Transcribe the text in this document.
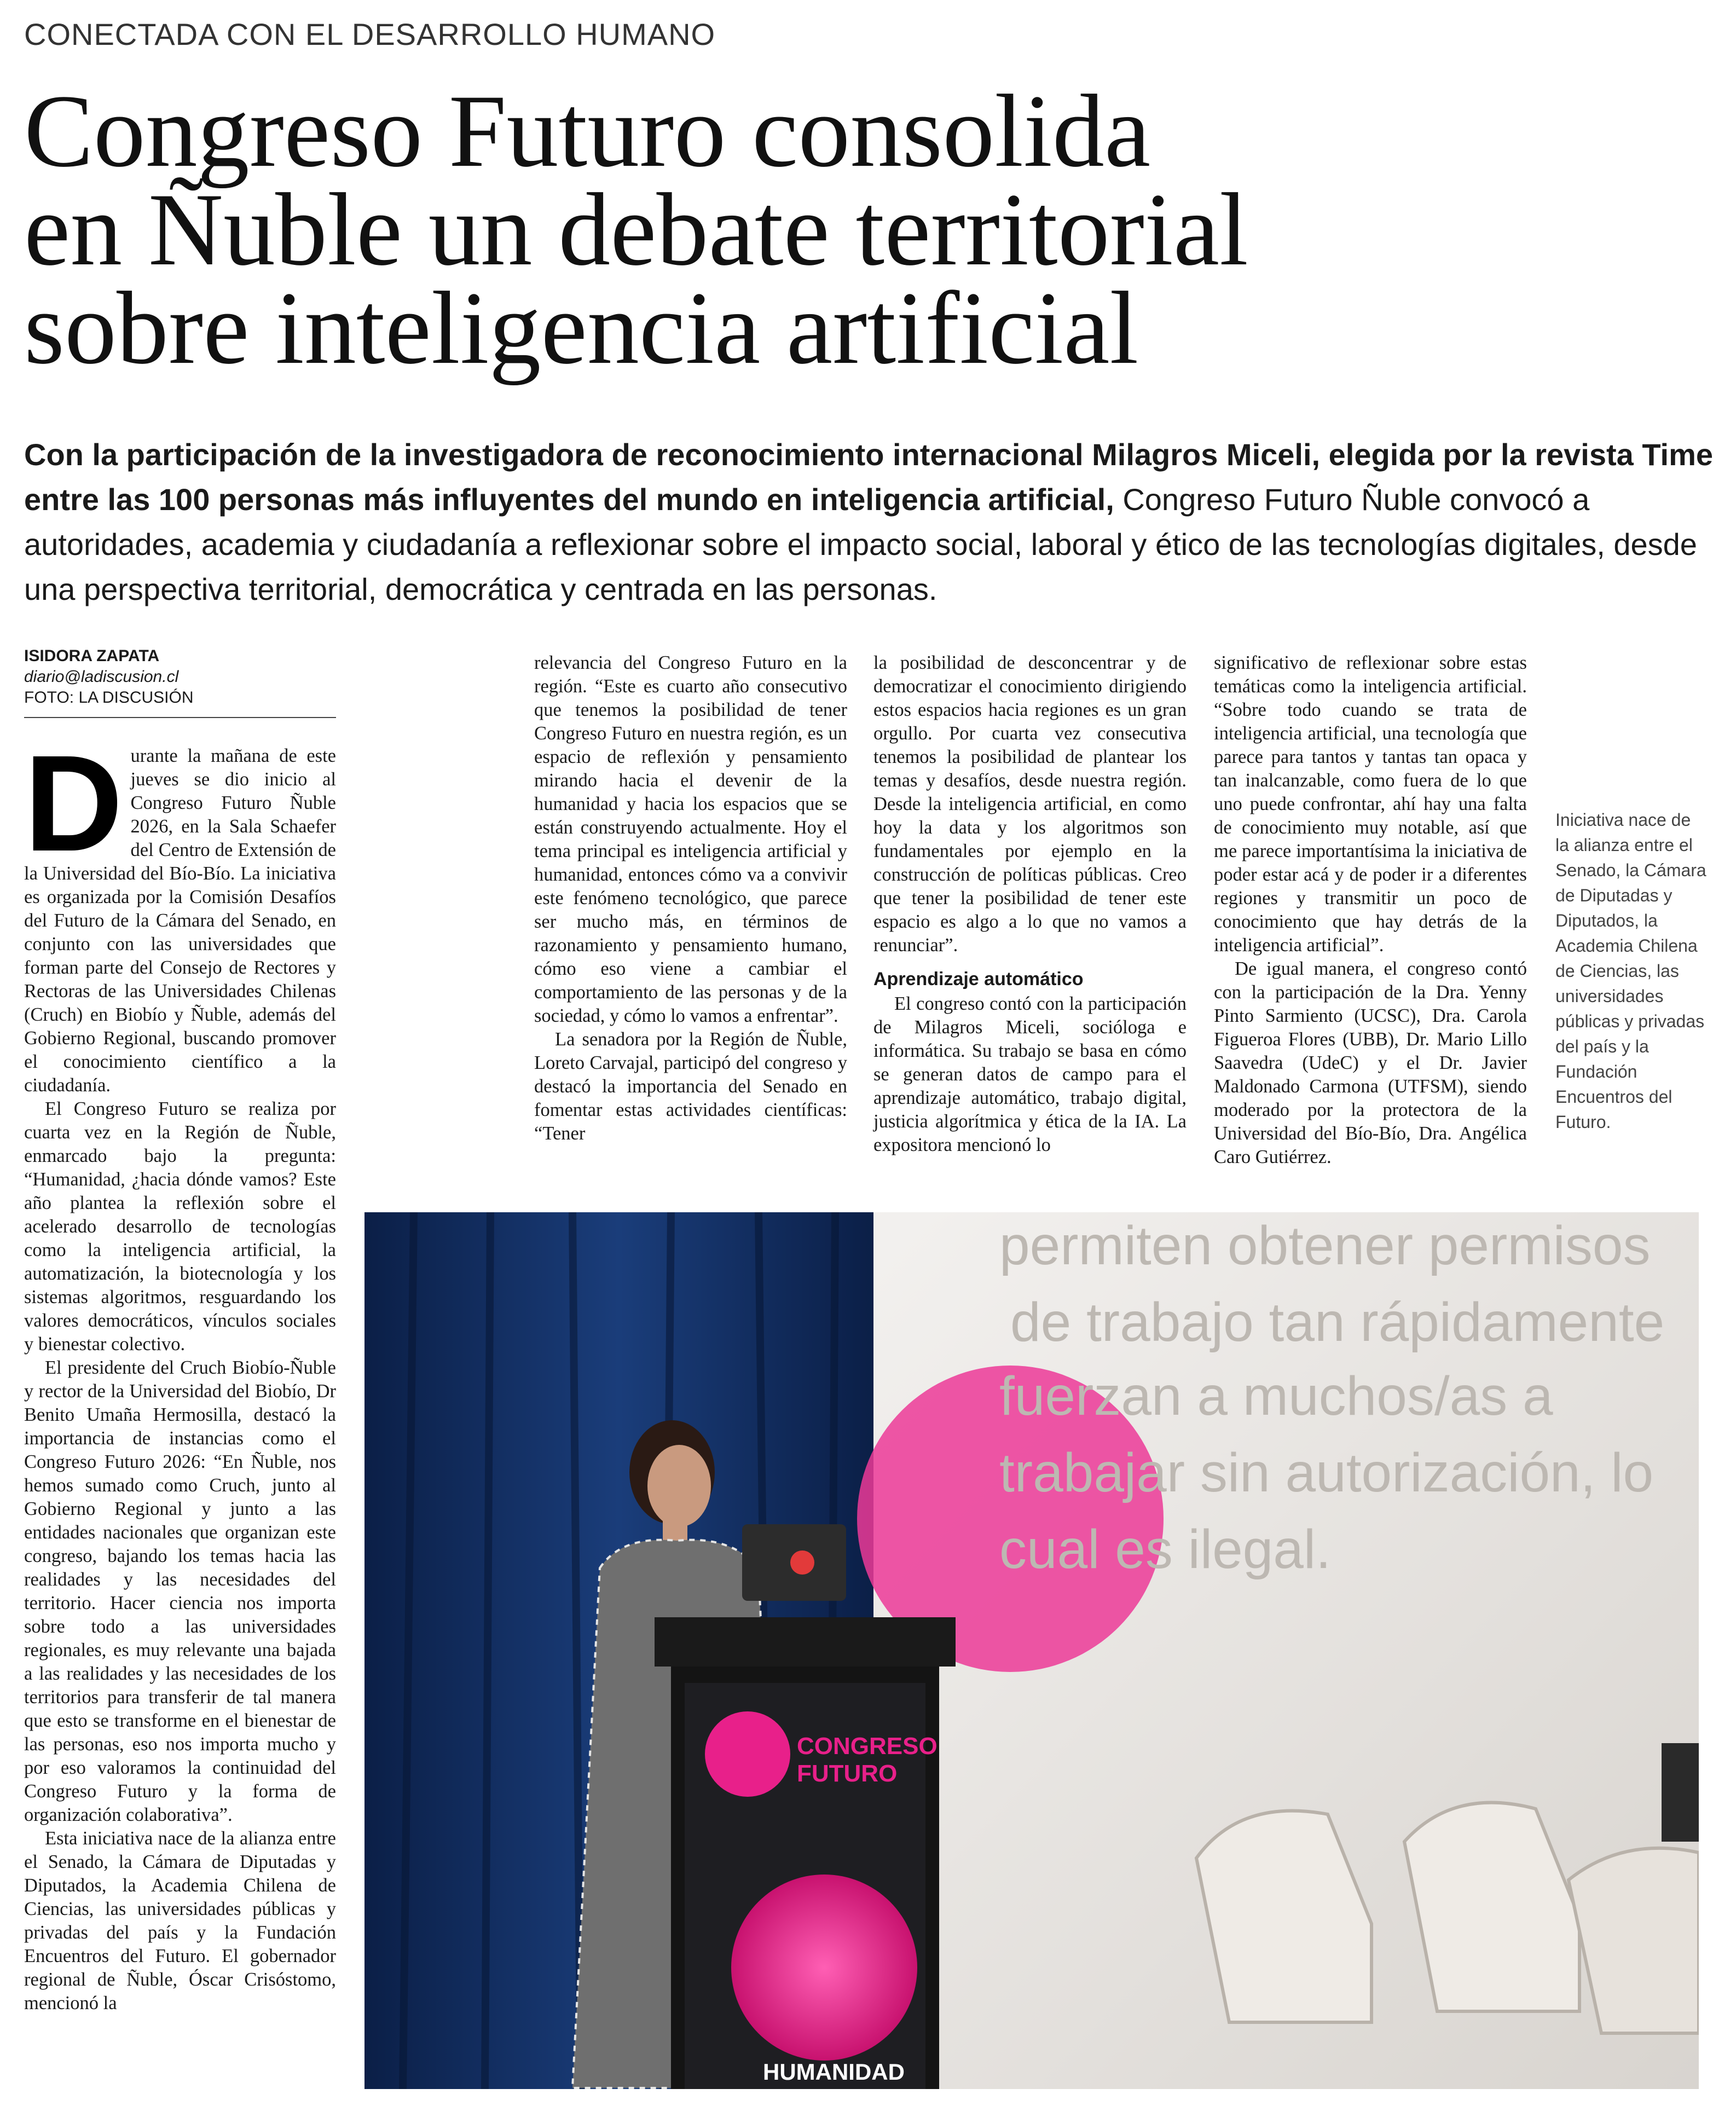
CONECTADA CON EL DESARROLLO HUMANO
Congreso Futuro consolida
en Ñuble un debate territorial
sobre inteligencia artificial
Con la participación de la investigadora de reconocimiento internacional Milagros Miceli, elegida por la revista Time entre las 100 personas más influyentes del mundo en inteligencia artificial, Congreso Futuro Ñuble convocó a autoridades, academia y ciudadanía a reflexionar sobre el impacto social, laboral y ético de las tecnologías digitales, desde una perspectiva territorial, democrática y centrada en las personas.
ISIDORA ZAPATA
diario@ladiscusion.cl
FOTO: LA DISCUSIÓN

Durante la mañana de este jueves se dio inicio al Congreso Futuro Ñuble 2026, en la Sala Schaefer del Centro de Extensión de la Universidad del Bío-Bío. La iniciativa es organizada por la Comisión Desafíos del Futuro de la Cámara del Senado, en conjunto con las universidades que forman parte del Consejo de Rectores y Rectoras de las Universidades Chilenas (Cruch) en Biobío y Ñuble, además del Gobierno Regional, buscando promover el conocimiento científico a la ciudadanía.

El Congreso Futuro se realiza por cuarta vez en la Región de Ñuble, enmarcado bajo la pregunta: “Humanidad, ¿hacia dónde vamos? Este año plantea la reflexión sobre el acelerado desarrollo de tecnologías como la inteligencia artificial, la automatización, la biotecnología y los sistemas algoritmos, resguardando los valores democráticos, vínculos sociales y bienestar colectivo.

El presidente del Cruch Biobío-Ñuble y rector de la Universidad del Biobío, Dr Benito Umaña Hermosilla, destacó la importancia de instancias como el Congreso Futuro 2026: “En Ñuble, nos hemos sumado como Cruch, junto al Gobierno Regional y junto a las entidades nacionales que organizan este congreso, bajando los temas hacia las realidades y las necesidades del territorio. Hacer ciencia nos importa sobre todo a las universidades regionales, es muy relevante una bajada a las realidades y las necesidades de los territorios para transferir de tal manera que esto se transforme en el bienestar de las personas, eso nos importa mucho y por eso valoramos la continuidad del Congreso Futuro y la forma de organización colaborativa”.

Esta iniciativa nace de la alianza entre el Senado, la Cámara de Diputadas y Diputados, la Academia Chilena de Ciencias, las universidades públicas y privadas del país y la Fundación Encuentros del Futuro. El gobernador regional de Ñuble, Óscar Crisóstomo, mencionó la

relevancia del Congreso Futuro en la región. “Este es cuarto año consecutivo que tenemos la posibilidad de tener Congreso Futuro en nuestra región, es un espacio de reflexión y pensamiento mirando hacia el devenir de la humanidad y hacia los espacios que se están construyendo actualmente. Hoy el tema principal es inteligencia artificial y humanidad, entonces cómo va a convivir este fenómeno tecnológico, que parece ser mucho más, en términos de razonamiento y pensamiento humano, cómo eso viene a cambiar el comportamiento de las personas y de la sociedad, y cómo lo vamos a enfrentar”.

La senadora por la Región de Ñuble, Loreto Carvajal, participó del congreso y destacó la importancia del Senado en fomentar estas actividades científicas: “Tener

la posibilidad de desconcentrar y de democratizar el conocimiento dirigiendo estos espacios hacia regiones es un gran orgullo. Por cuarta vez consecutiva tenemos la posibilidad de plantear los temas y desafíos, desde nuestra región. Desde la inteligencia artificial, en como hoy la data y los algoritmos son fundamentales por ejemplo en la construcción de políticas públicas. Creo que tener la posibilidad de tener este espacio es algo a lo que no vamos a renunciar”.

Aprendizaje automático

El congreso contó con la participación de Milagros Miceli, socióloga e informática. Su trabajo se basa en cómo se generan datos de campo para el aprendizaje automático, trabajo digital, justicia algorítmica y ética de la IA. La expositora mencionó lo

significativo de reflexionar sobre estas temáticas como la inteligencia artificial. “Sobre todo cuando se trata de inteligencia artificial, una tecnología que parece para tantos y tantas tan opaca y tan inalcanzable, como fuera de lo que uno puede confrontar, ahí hay una falta de conocimiento muy notable, así que me parece importantísima la iniciativa de poder estar acá y de poder ir a diferentes regiones y transmitir un poco de conocimiento que hay detrás de la inteligencia artificial”.

De igual manera, el congreso contó con la participación de la Dra. Yenny Pinto Sarmiento (UCSC), Dra. Carola Figueroa Flores (UBB), Dr. Mario Lillo Saavedra (UdeC) y el Dr. Javier Maldonado Carmona (UTFSM), siendo moderado por la protectora de la Universidad del Bío-Bío, Dra. Angélica Caro Gutiérrez.

Iniciativa nace de la alianza entre el Senado, la Cámara de Diputadas y Diputados, la Academia Chilena de Ciencias, las universidades públicas y privadas del país y la Fundación Encuentros del Futuro.
permiten obtener permisos
de trabajo tan rápidamente
fuerzan a muchos/as a
trabajar sin autorización, lo
cual es ilegal.
CONGRESO
FUTURO
HUMANIDAD
